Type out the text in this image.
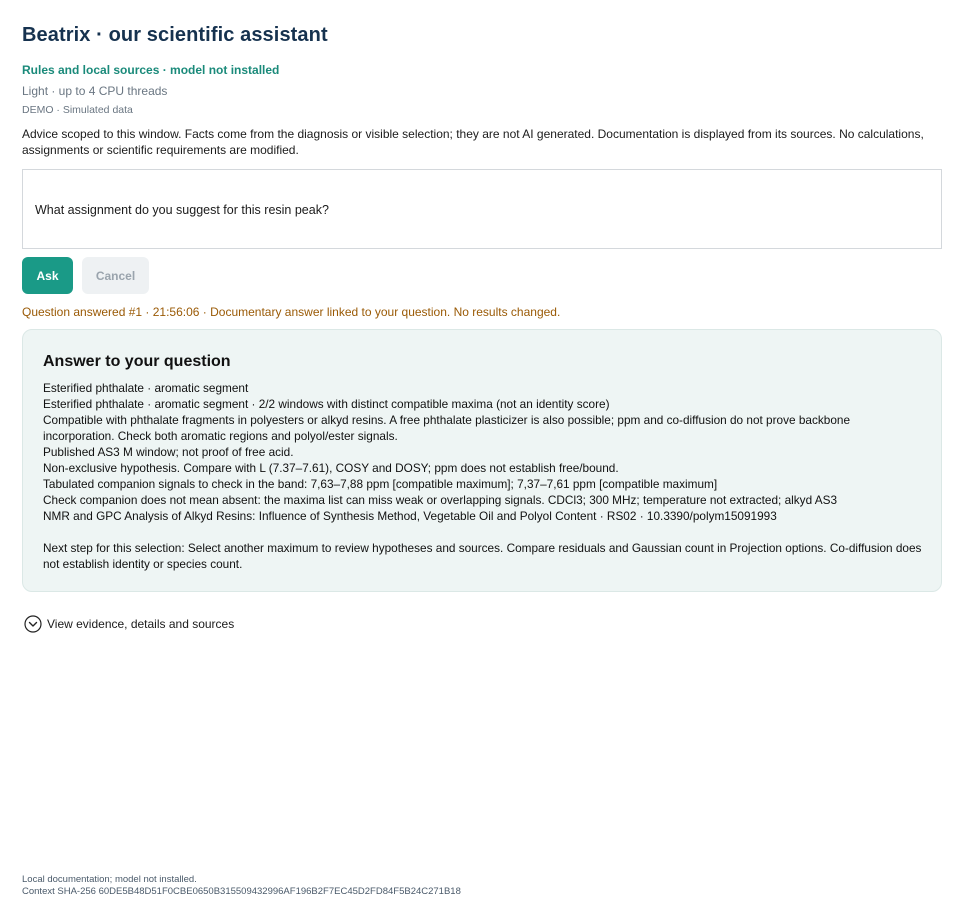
Beatrix · our scientific assistant
Rules and local sources · model not installed
Light · up to 4 CPU threads
DEMO · Simulated data
Advice scoped to this window. Facts come from the diagnosis or visible selection; they are not AI generated. Documentation is displayed from its sources. No calculations, assignments or scientific requirements are modified.
What assignment do you suggest for this resin peak?
Ask	Cancel
Question answered #1 · 21:56:06 · Documentary answer linked to your question. No results changed.
Answer to your question
Esterified phthalate · aromatic segment
Esterified phthalate · aromatic segment · 2/2 windows with distinct compatible maxima (not an identity score)
Compatible with phthalate fragments in polyesters or alkyd resins. A free phthalate plasticizer is also possible; ppm and co-diffusion do not prove backbone incorporation. Check both aromatic regions and polyol/ester signals.
Published AS3 M window; not proof of free acid.
Non-exclusive hypothesis. Compare with L (7.37–7.61), COSY and DOSY; ppm does not establish free/bound.
Tabulated companion signals to check in the band: 7,63–7,88 ppm [compatible maximum]; 7,37–7,61 ppm [compatible maximum]
Check companion does not mean absent: the maxima list can miss weak or overlapping signals. CDCl3; 300 MHz; temperature not extracted; alkyd AS3
NMR and GPC Analysis of Alkyd Resins: Influence of Synthesis Method, Vegetable Oil and Polyol Content · RS02 · 10.3390/polym15091993
Next step for this selection: Select another maximum to review hypotheses and sources. Compare residuals and Gaussian count in Projection options. Co-diffusion does not establish identity or species count.
View evidence, details and sources
Local documentation; model not installed.
Context SHA-256 60DE5B48D51F0CBE0650B315509432996AF196B2F7EC45D2FD84F5B24C271B18
